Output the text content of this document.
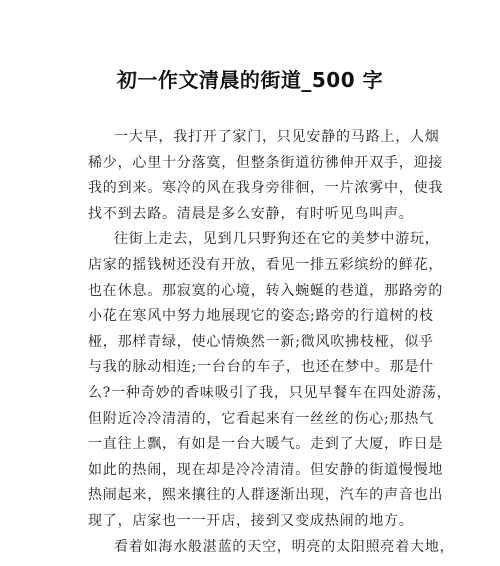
初一作文清晨的街道_500 字
一大早，我打开了家门，只见安静的马路上，人烟
稀少，心里十分落寞，但整条街道彷彿伸开双手，迎接
我的到来。寒冷的风在我身旁徘徊，一片浓雾中，使我
找不到去路。清晨是多么安静，有时听见鸟叫声。
往街上走去，见到几只野狗还在它的美梦中游玩，
店家的摇钱树还没有开放，看见一排五彩缤纷的鲜花，
也在休息。那寂寞的心境，转入蜿蜒的巷道，那路旁的
小花在寒风中努力地展现它的姿态;路旁的行道树的枝
桠，那样青绿，使心情焕然一新;微风吹拂枝桠，似乎
与我的脉动相连;一台台的车子，也还在梦中。那是什
么?一种奇妙的香味吸引了我，只见早餐车在四处游荡，
但附近冷冷清清的，它看起来有一丝丝的伤心;那热气
一直往上飘，有如是一台大暖气。走到了大厦，昨日是
如此的热闹，现在却是冷冷清清。但安静的街道慢慢地
热闹起来，熙来攘往的人群逐渐出现，汽车的声音也出
现了，店家也一一开店，接到又变成热闹的地方。
看着如海水般湛蓝的天空，明亮的太阳照亮着大地，
